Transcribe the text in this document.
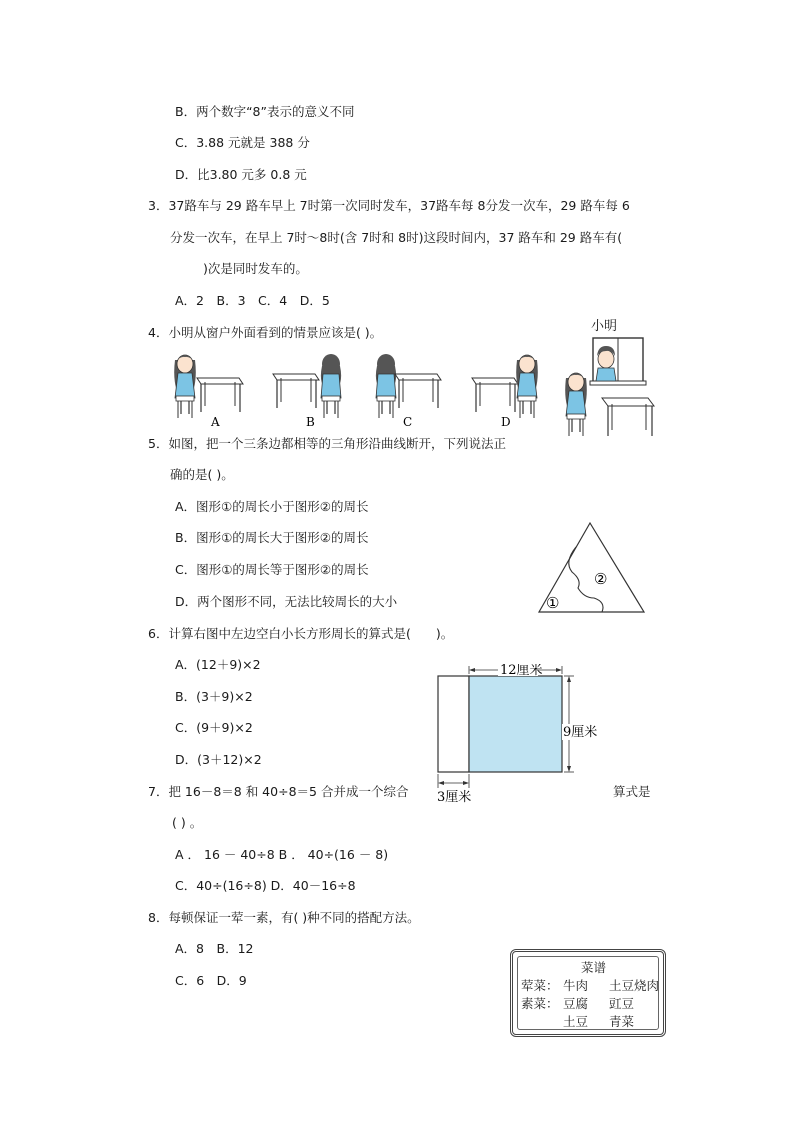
B．两个数字“8”表示的意义不同
C．3.88 元就是 388 分
D．比3.80 元多 0.8 元
3．37路车与 29 路车早上 7时第一次同时发车，37路车每 8分发一次车，29 路车每 6
分发一次车，在早上 7时～8时(含 7时和 8时)这段时间内，37 路车和 29 路车有(
)次是同时发车的。
A．2　B．3　C．4　D．5
4．小明从窗户外面看到的情景应该是( )。	小明
A	B	C	D
5．如图，把一个三条边都相等的三角形沿曲线断开，下列说法正
确的是( )。
A．图形①的周长小于图形②的周长
B．图形①的周长大于图形②的周长
C．图形①的周长等于图形②的周长
D．两个图形不同，无法比较周长的大小	①
②
6．计算右图中左边空白小长方形周长的算式是(　　)。
A．(12＋9)×2
B．(3＋9)×2
C．(9＋9)×2
D．(3＋12)×2
12厘米
9厘米
3厘米
7．把 16－8＝8 和 40÷8＝5 合并成一个综合	算式是
( ) 。
A ． 16 － 40÷8 B ． 40÷(16 － 8)
C．40÷(16÷8) D．40－16÷8
8．每顿保证一荤一素，有( )种不同的搭配方法。
A．8　B．12
C．6　D．9
菜谱
荤菜： 牛肉 土豆烧肉
素菜： 豆腐 豇豆
土豆 青菜
